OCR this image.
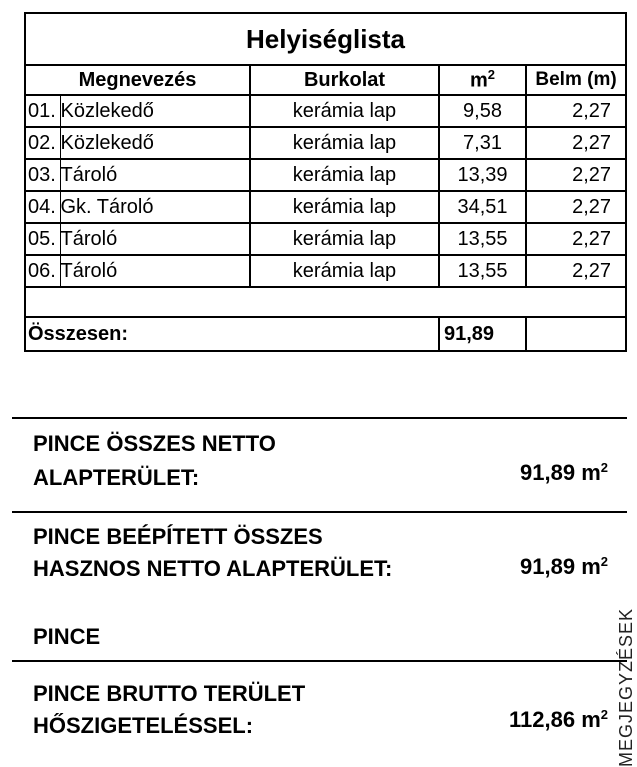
Helyiséglista				
Megnevezés		Burkolat	$m^2$	Belm (m)
01.	Közlekedő	kerámia lap	9,58	2,27
02.	Közlekedő	kerámia lap	7,31	2,27
03.	Tároló	kerámia lap	13,39	2,27
04.	Gk. Tároló	kerámia lap	34,51	2,27
05.	Tároló	kerámia lap	13,55	2,27
06.	Tároló	kerámia lap	13,55	2,27

Összesen:			91,89	
PINCE ÖSSZES NETTO
ALAPTERÜLET:	91,89 $m^2$
PINCE BEÉPÍTETT ÖSSZES
HASZNOS NETTO ALAPTERÜLET:	91,89 $m^2$
PINCE
PINCE BRUTTO TERÜLET
HŐSZIGETELÉSSEL:	112,86 $m^2$ MEGJEGYZÉSEK
